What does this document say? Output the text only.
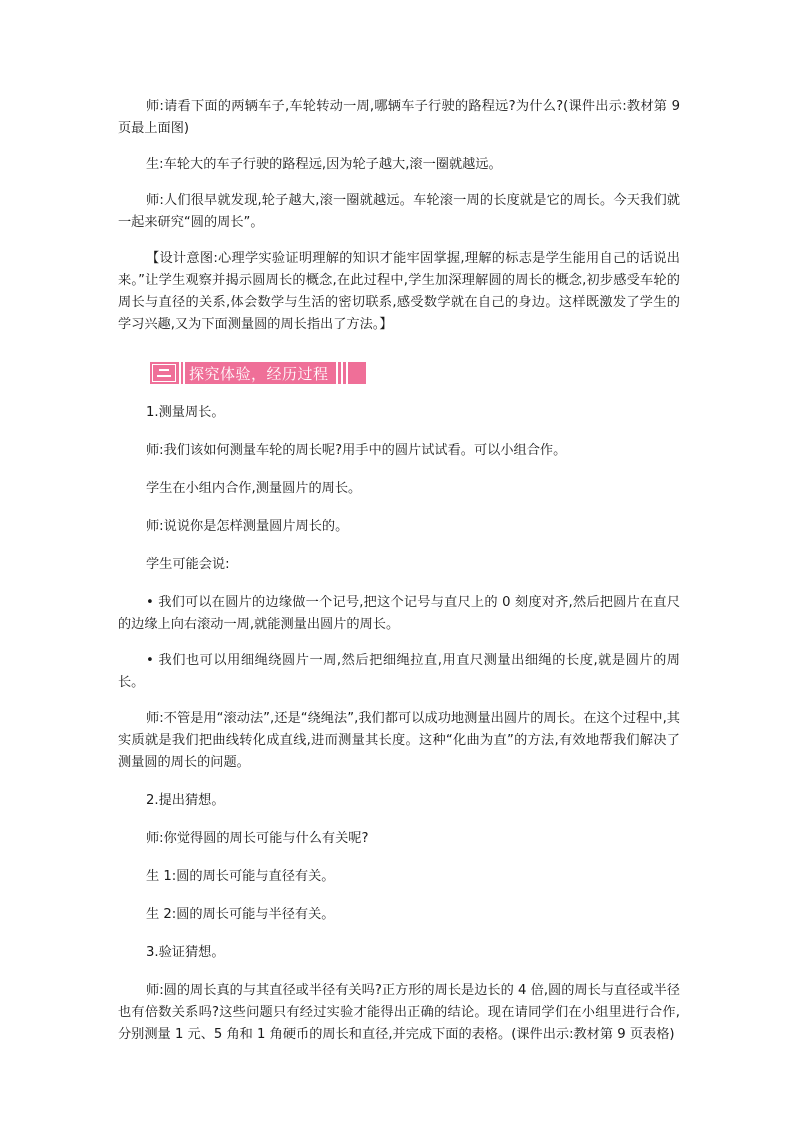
师:请看下面的两辆车子,车轮转动一周,哪辆车子行驶的路程远?为什么?(课件出示:教材第 9 页最上面图)

生:车轮大的车子行驶的路程远,因为轮子越大,滚一圈就越远。

师:人们很早就发现,轮子越大,滚一圈就越远。车轮滚一周的长度就是它的周长。今天我们就一起来研究“圆的周长”。

【设计意图:心理学实验证明理解的知识才能牢固掌握,理解的标志是学生能用自己的话说出来。”让学生观察并揭示圆周长的概念,在此过程中,学生加深理解圆的周长的概念,初步感受车轮的周长与直径的关系,体会数学与生活的密切联系,感受数学就在自己的身边。这样既激发了学生的学习兴趣,又为下面测量圆的周长指出了方法。】

探究体验，经历过程

1.测量周长。

师:我们该如何测量车轮的周长呢?用手中的圆片试试看。可以小组合作。

学生在小组内合作,测量圆片的周长。

师:说说你是怎样测量圆片周长的。

学生可能会说:

• 我们可以在圆片的边缘做一个记号,把这个记号与直尺上的 0 刻度对齐,然后把圆片在直尺的边缘上向右滚动一周,就能测量出圆片的周长。

• 我们也可以用细绳绕圆片一周,然后把细绳拉直,用直尺测量出细绳的长度,就是圆片的周长。

师:不管是用“滚动法”,还是“绕绳法”,我们都可以成功地测量出圆片的周长。在这个过程中,其实质就是我们把曲线转化成直线,进而测量其长度。这种“化曲为直”的方法,有效地帮我们解决了测量圆的周长的问题。

2.提出猜想。

师:你觉得圆的周长可能与什么有关呢?

生 1:圆的周长可能与直径有关。

生 2:圆的周长可能与半径有关。

3.验证猜想。

师:圆的周长真的与其直径或半径有关吗?正方形的周长是边长的 4 倍,圆的周长与直径或半径也有倍数关系吗?这些问题只有经过实验才能得出正确的结论。现在请同学们在小组里进行合作,分别测量 1 元、5 角和 1 角硬币的周长和直径,并完成下面的表格。(课件出示:教材第 9 页表格)
